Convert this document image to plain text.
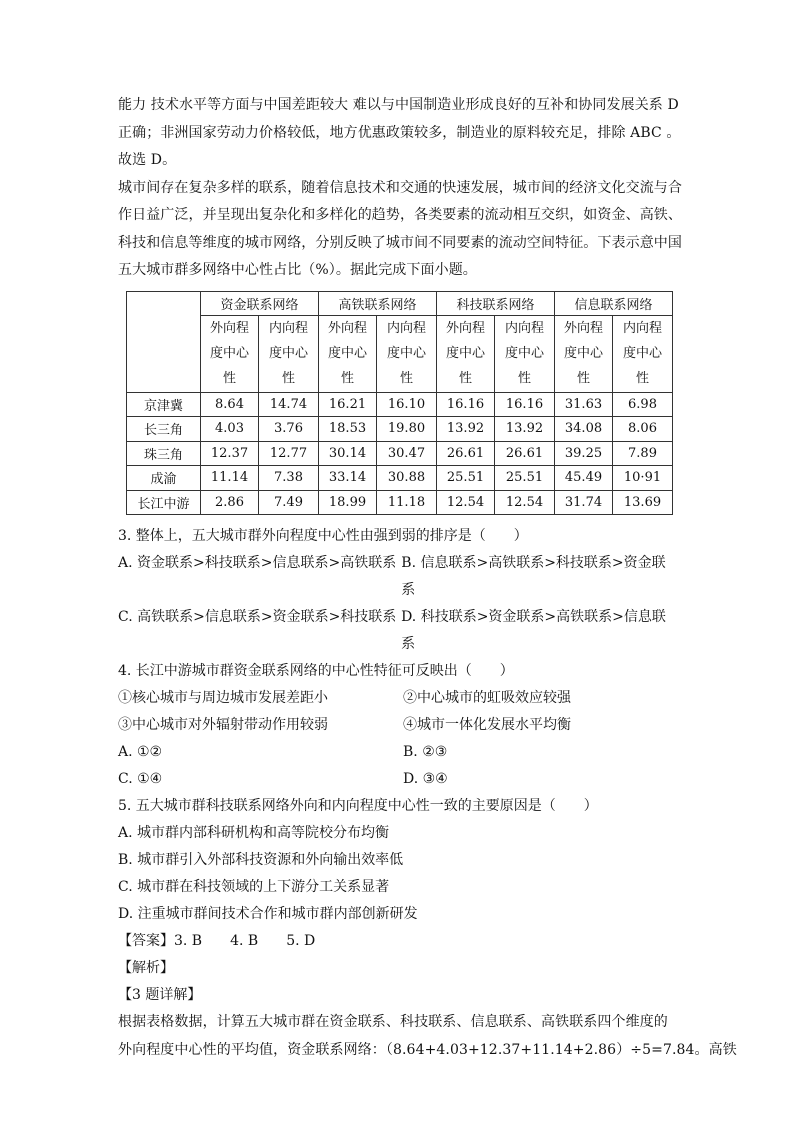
能力 技术水平等方面与中国差距较大 难以与中国制造业形成良好的互补和协同发展关系 D
正确；非洲国家劳动力价格较低，地方优惠政策较多，制造业的原料较充足，排除 ABC 。
故选 D。
城市间存在复杂多样的联系，随着信息技术和交通的快速发展，城市间的经济文化交流与合
作日益广泛，并呈现出复杂化和多样化的趋势，各类要素的流动相互交织，如资金、高铁、
科技和信息等维度的城市网络，分别反映了城市间不同要素的流动空间特征。下表示意中国
五大城市群多网络中心性占比（%）。据此完成下面小题。
	资金联系网络		高铁联系网络		科技联系网络		信息联系网络	
	外向程
度中心
性	内向程
度中心
性	外向程
度中心
性	内向程
度中心
性	外向程
度中心
性	内向程
度中心
性	外向程
度中心
性	内向程
度中心
性
京津冀	8.64	14.74	16.21	16.10	16.16	16.16	31.63	6.98
长三角	4.03	3.76	18.53	19.80	13.92	13.92	34.08	8.06
珠三角	12.37	12.77	30.14	30.47	26.61	26.61	39.25	7.89
成渝	11.14	7.38	33.14	30.88	25.51	25.51	45.49	10·91
长江中游	2.86	7.49	18.99	11.18	12.54	12.54	31.74	13.69
3. 整体上，五大城市群外向程度中心性由强到弱的排序是（　　）
A. 资金联系>科技联系>信息联系>高铁联系 B. 信息联系>高铁联系>科技联系>资金联系
C. 高铁联系>信息联系>资金联系>科技联系 D. 科技联系>资金联系>高铁联系>信息联系
4. 长江中游城市群资金联系网络的中心性特征可反映出（　　）
①核心城市与周边城市发展差距小	②中心城市的虹吸效应较强
③中心城市对外辐射带动作用较弱	④城市一体化发展水平均衡
A. ①②	B. ②③
C. ①④	D. ③④
5. 五大城市群科技联系网络外向和内向程度中心性一致的主要原因是（　　）
A. 城市群内部科研机构和高等院校分布均衡
B. 城市群引入外部科技资源和外向输出效率低
C. 城市群在科技领域的上下游分工关系显著
D. 注重城市群间技术合作和城市群内部创新研发
【答案】3. B　　4. B　　5. D
【解析】
【3 题详解】
根据表格数据，计算五大城市群在资金联系、科技联系、信息联系、高铁联系四个维度的
外向程度中心性的平均值，资金联系网络：（8.64+4.03+12.37+11.14+2.86）÷5=7.84。高铁
